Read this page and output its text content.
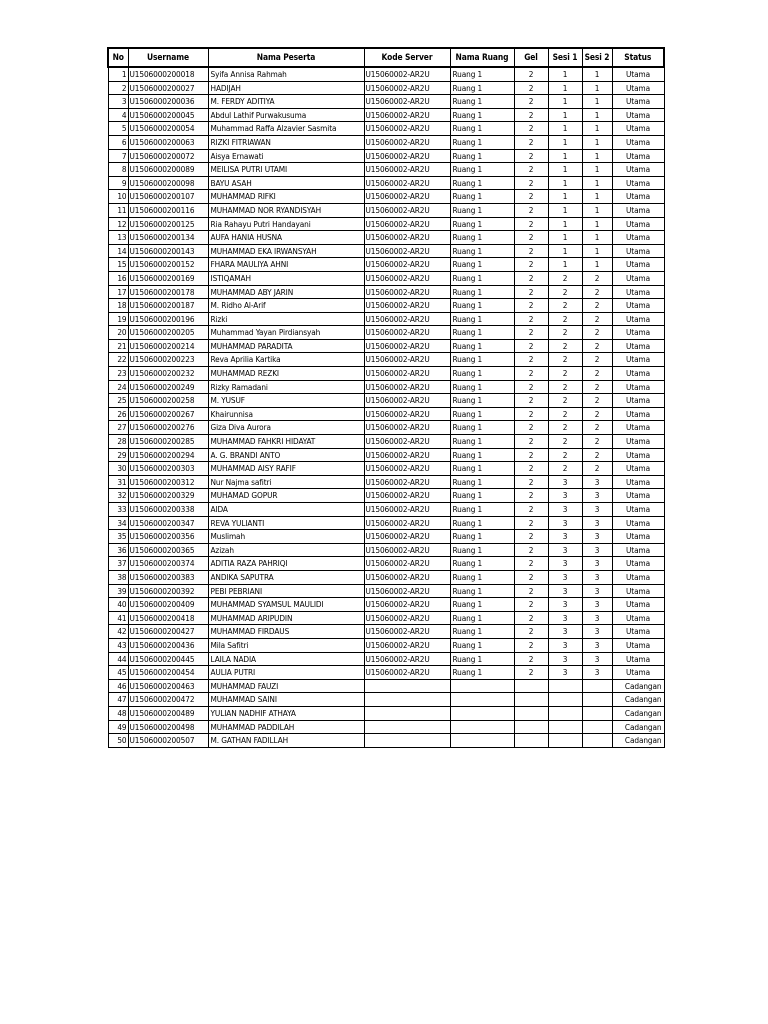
No	Username	Nama Peserta	Kode Server	Nama Ruang	Gel	Sesi 1	Sesi 2	Status
1	U1506000200018	Syifa Annisa Rahmah	U15060002-AR2U	Ruang 1	2	1	1	Utama
2	U1506000200027	HADIJAH	U15060002-AR2U	Ruang 1	2	1	1	Utama
3	U1506000200036	M. FERDY ADITIYA	U15060002-AR2U	Ruang 1	2	1	1	Utama
4	U1506000200045	Abdul Lathif Purwakusuma	U15060002-AR2U	Ruang 1	2	1	1	Utama
5	U1506000200054	Muhammad Raffa Alzavier Sasmita	U15060002-AR2U	Ruang 1	2	1	1	Utama
6	U1506000200063	RIZKI FITRIAWAN	U15060002-AR2U	Ruang 1	2	1	1	Utama
7	U1506000200072	Aisya Ernawati	U15060002-AR2U	Ruang 1	2	1	1	Utama
8	U1506000200089	MEILISA PUTRI UTAMI	U15060002-AR2U	Ruang 1	2	1	1	Utama
9	U1506000200098	BAYU ASAH	U15060002-AR2U	Ruang 1	2	1	1	Utama
10	U1506000200107	MUHAMMAD RIFKI	U15060002-AR2U	Ruang 1	2	1	1	Utama
11	U1506000200116	MUHAMMAD NOR RYANDISYAH	U15060002-AR2U	Ruang 1	2	1	1	Utama
12	U1506000200125	Ria Rahayu Putri Handayani	U15060002-AR2U	Ruang 1	2	1	1	Utama
13	U1506000200134	AUFA HANIA HUSNA	U15060002-AR2U	Ruang 1	2	1	1	Utama
14	U1506000200143	MUHAMMAD EKA IRWANSYAH	U15060002-AR2U	Ruang 1	2	1	1	Utama
15	U1506000200152	FHARA MAULIYA AHNI	U15060002-AR2U	Ruang 1	2	1	1	Utama
16	U1506000200169	ISTIQAMAH	U15060002-AR2U	Ruang 1	2	2	2	Utama
17	U1506000200178	MUHAMMAD ABY JARIN	U15060002-AR2U	Ruang 1	2	2	2	Utama
18	U1506000200187	M. Ridho Al-Arif	U15060002-AR2U	Ruang 1	2	2	2	Utama
19	U1506000200196	Rizki	U15060002-AR2U	Ruang 1	2	2	2	Utama
20	U1506000200205	Muhammad Yayan Pirdiansyah	U15060002-AR2U	Ruang 1	2	2	2	Utama
21	U1506000200214	MUHAMMAD PARADITA	U15060002-AR2U	Ruang 1	2	2	2	Utama
22	U1506000200223	Reva Aprilia Kartika	U15060002-AR2U	Ruang 1	2	2	2	Utama
23	U1506000200232	MUHAMMAD REZKI	U15060002-AR2U	Ruang 1	2	2	2	Utama
24	U1506000200249	Rizky Ramadani	U15060002-AR2U	Ruang 1	2	2	2	Utama
25	U1506000200258	M. YUSUF	U15060002-AR2U	Ruang 1	2	2	2	Utama
26	U1506000200267	Khairunnisa	U15060002-AR2U	Ruang 1	2	2	2	Utama
27	U1506000200276	Giza Diva Aurora	U15060002-AR2U	Ruang 1	2	2	2	Utama
28	U1506000200285	MUHAMMAD FAHKRI HIDAYAT	U15060002-AR2U	Ruang 1	2	2	2	Utama
29	U1506000200294	A. G. BRANDI ANTO	U15060002-AR2U	Ruang 1	2	2	2	Utama
30	U1506000200303	MUHAMMAD AISY RAFIF	U15060002-AR2U	Ruang 1	2	2	2	Utama
31	U1506000200312	Nur Najma safitri	U15060002-AR2U	Ruang 1	2	3	3	Utama
32	U1506000200329	MUHAMAD GOPUR	U15060002-AR2U	Ruang 1	2	3	3	Utama
33	U1506000200338	AIDA	U15060002-AR2U	Ruang 1	2	3	3	Utama
34	U1506000200347	REVA YULIANTI	U15060002-AR2U	Ruang 1	2	3	3	Utama
35	U1506000200356	Muslimah	U15060002-AR2U	Ruang 1	2	3	3	Utama
36	U1506000200365	Azizah	U15060002-AR2U	Ruang 1	2	3	3	Utama
37	U1506000200374	ADITIA RAZA PAHRIQI	U15060002-AR2U	Ruang 1	2	3	3	Utama
38	U1506000200383	ANDIKA SAPUTRA	U15060002-AR2U	Ruang 1	2	3	3	Utama
39	U1506000200392	PEBI PEBRIANI	U15060002-AR2U	Ruang 1	2	3	3	Utama
40	U1506000200409	MUHAMMAD SYAMSUL MAULIDI	U15060002-AR2U	Ruang 1	2	3	3	Utama
41	U1506000200418	MUHAMMAD ARIPUDIN	U15060002-AR2U	Ruang 1	2	3	3	Utama
42	U1506000200427	MUHAMMAD FIRDAUS	U15060002-AR2U	Ruang 1	2	3	3	Utama
43	U1506000200436	Mila Safitri	U15060002-AR2U	Ruang 1	2	3	3	Utama
44	U1506000200445	LAILA NADIA	U15060002-AR2U	Ruang 1	2	3	3	Utama
45	U1506000200454	AULIA PUTRI	U15060002-AR2U	Ruang 1	2	3	3	Utama
46	U1506000200463	MUHAMMAD FAUZI						Cadangan
47	U1506000200472	MUHAMMAD SAINI						Cadangan
48	U1506000200489	YULIAN NADHIF ATHAYA						Cadangan
49	U1506000200498	MUHAMMAD PADDILAH						Cadangan
50	U1506000200507	M. GATHAN FADILLAH						Cadangan
